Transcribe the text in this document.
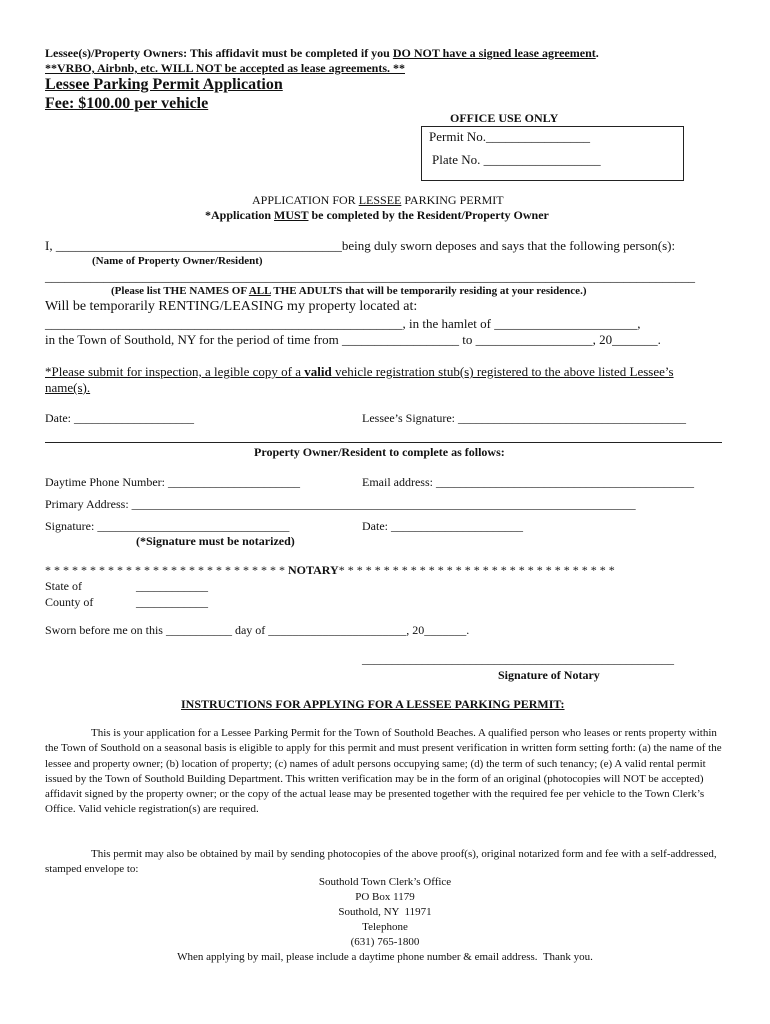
Lessee(s)/Property Owners: This affidavit must be completed if you DO NOT have a signed lease agreement.
**VRBO, Airbnb, etc. WILL NOT be accepted as lease agreements. **
Lessee Parking Permit Application
Fee: $100.00 per vehicle
OFFICE USE ONLY
Permit No.________________
Plate No. __________________
APPLICATION FOR LESSEE PARKING PERMIT
*Application MUST be completed by the Resident/Property Owner
I, ____________________________________________being duly sworn deposes and says that the following person(s):
(Name of Property Owner/Resident)
____________________________________________________________________________________________________
(Please list THE NAMES OF ALL THE ADULTS that will be temporarily residing at your residence.)
Will be temporarily RENTING/LEASING my property located at:
_______________________________________________________, in the hamlet of ______________________,
in the Town of Southold, NY for the period of time from __________________ to __________________, 20_______.
*Please submit for inspection, a legible copy of a valid vehicle registration stub(s) registered to the above listed Lessee’s
name(s).
Date: ____________________	Lessee’s Signature: ______________________________________
Property Owner/Resident to complete as follows:
Daytime Phone Number: ______________________	Email address: ___________________________________________
Primary Address: ____________________________________________________________________________________
Signature: ________________________________	Date: ______________________
(*Signature must be notarized)
* * * * * * * * * * * * * * * * * * * * * * * * * * * NOTARY* * * * * * * * * * * * * * * * * * * * * * * * * * * * * * *
State of	____________
County of	____________
Sworn before me on this ___________ day of _______________________, 20_______.
____________________________________________________
Signature of Notary
INSTRUCTIONS FOR APPLYING FOR A LESSEE PARKING PERMIT:
This is your application for a Lessee Parking Permit for the Town of Southold Beaches. A qualified person who leases or rents property within the Town of Southold on a seasonal basis is eligible to apply for this permit and must present verification in written form setting forth: (a) the name of the lessee and property owner; (b) location of property; (c) names of adult persons occupying same; (d) the term of such tenancy; (e) A valid rental permit issued by the Town of Southold Building Department. This written verification may be in the form of an original (photocopies will NOT be accepted) affidavit signed by the property owner; or the copy of the actual lease may be presented together with the required fee per vehicle to the Town Clerk’s Office. Valid vehicle registration(s) are required.
This permit may also be obtained by mail by sending photocopies of the above proof(s), original notarized form and fee with a self-addressed, stamped envelope to:
Southold Town Clerk’s Office
PO Box 1179
Southold, NY  11971
Telephone
(631) 765-1800
When applying by mail, please include a daytime phone number & email address.  Thank you.
